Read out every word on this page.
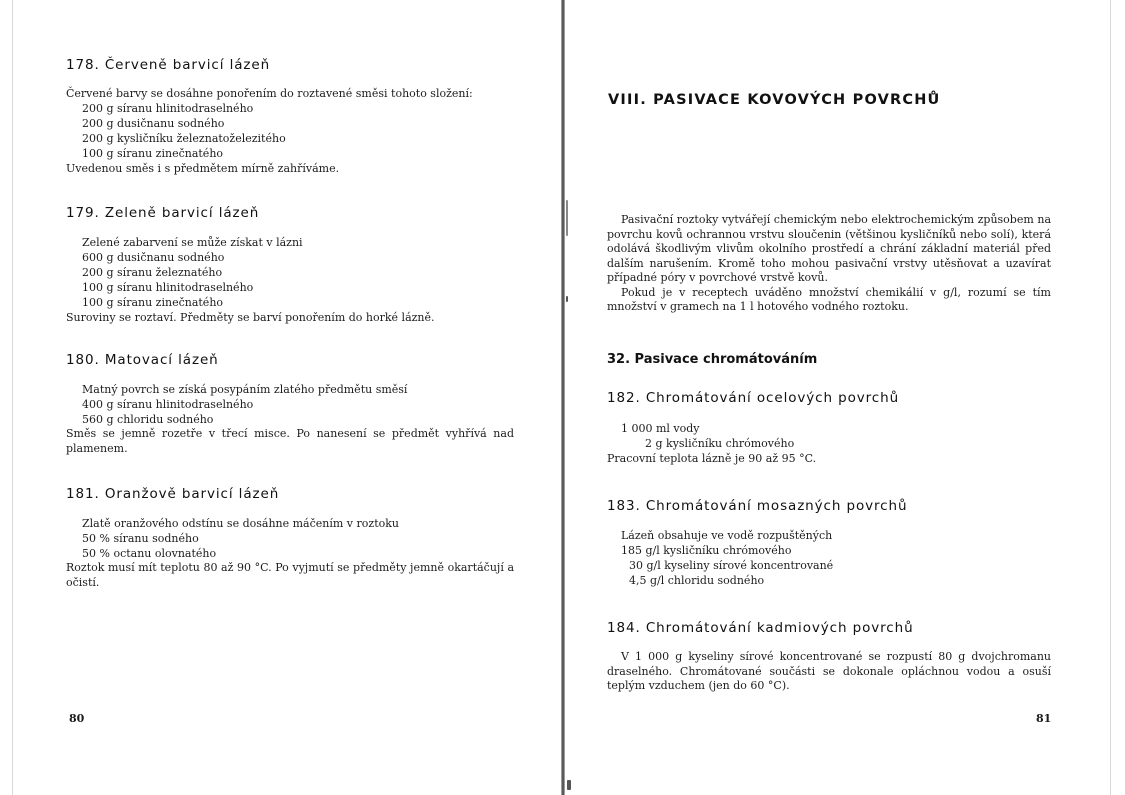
178. Červeně barvicí lázeň
Červené barvy se dosáhne ponořením do roztavené směsi tohoto složení:
200 g síranu hlinitodraselného
200 g dusičnanu sodného
200 g kysličníku železnatoželezitého
100 g síranu zinečnatého
Uvedenou směs i s předmětem mírně zahříváme.
179. Zeleně barvicí lázeň
Zelené zabarvení se může získat v lázni
600 g dusičnanu sodného
200 g síranu železnatého
100 g síranu hlinitodraselného
100 g síranu zinečnatého
Suroviny se roztaví. Předměty se barví ponořením do horké lázně.
180. Matovací lázeň
Matný povrch se získá posypáním zlatého předmětu směsí
400 g síranu hlinitodraselného
560 g chloridu sodného

Směs se jemně rozetře v třecí misce. Po nanesení se předmět vyhřívá nad plamenem.

181. Oranžově barvicí lázeň
Zlatě oranžového odstínu se dosáhne máčením v roztoku
50 % síranu sodného
50 % octanu olovnatého

Roztok musí mít teplotu 80 až 90 °C. Po vyjmutí se předměty jemně okartáčují a očistí.

80
VIII. PASIVACE KOVOVÝCH POVRCHŮ

Pasivační roztoky vytvářejí chemickým nebo elektrochemickým způsobem na povrchu kovů ochrannou vrstvu sloučenin (většinou kysličníků nebo solí), která odolává škodlivým vlivům okolního prostředí a chrání základní materiál před dalším narušením. Kromě toho mohou pasivační vrstvy utěsňovat a uzavírat případné póry v povrchové vrstvě kovů.

Pokud je v receptech uváděno množství chemikálií v g/l, rozumí se tím množství v gramech na 1 l hotového vodného roztoku.

32. Pasivace chromátováním
182. Chromátování ocelových povrchů
1 000 ml vody
2 g kysličníku chrómového
Pracovní teplota lázně je 90 až 95 °C.
183. Chromátování mosazných povrchů
Lázeň obsahuje ve vodě rozpuštěných
185 g/l kysličníku chrómového
30 g/l kyseliny sírové koncentrované
4,5 g/l chloridu sodného
184. Chromátování kadmiových povrchů

V 1 000 g kyseliny sírové koncentrované se rozpustí 80 g dvojchromanu draselného. Chromátované součásti se dokonale opláchnou vodou a osuší teplým vzduchem (jen do 60 °C).

81
